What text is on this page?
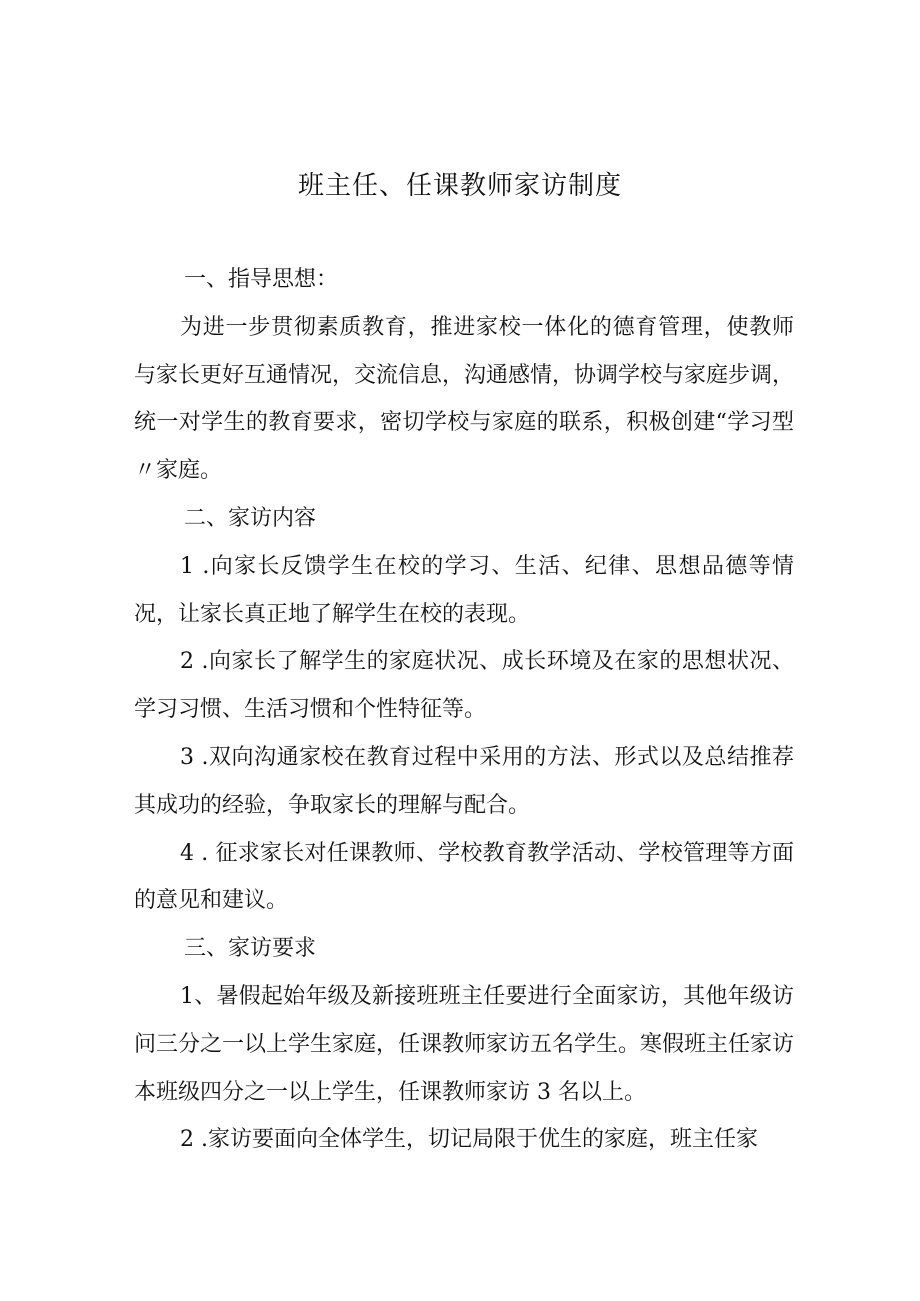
班主任、任课教师家访制度

一、指导思想：

为进一步贯彻素质教育，推进家校一体化的德育管理，使教师与家长更好互通情况，交流信息，沟通感情，协调学校与家庭步调，统一对学生的教育要求，密切学校与家庭的联系，积极创建“学习型〃家庭。

二、家访内容

1 .向家长反馈学生在校的学习、生活、纪律、思想品德等情况，让家长真正地了解学生在校的表现。

2 .向家长了解学生的家庭状况、成长环境及在家的思想状况、学习习惯、生活习惯和个性特征等。

3 .双向沟通家校在教育过程中采用的方法、形式以及总结推荐其成功的经验，争取家长的理解与配合。

4 . 征求家长对任课教师、学校教育教学活动、学校管理等方面的意见和建议。

三、家访要求

1、暑假起始年级及新接班班主任要进行全面家访，其他年级访问三分之一以上学生家庭，任课教师家访五名学生。寒假班主任家访本班级四分之一以上学生，任课教师家访 3 名以上。

2 .家访要面向全体学生，切记局限于优生的家庭，班主任家
